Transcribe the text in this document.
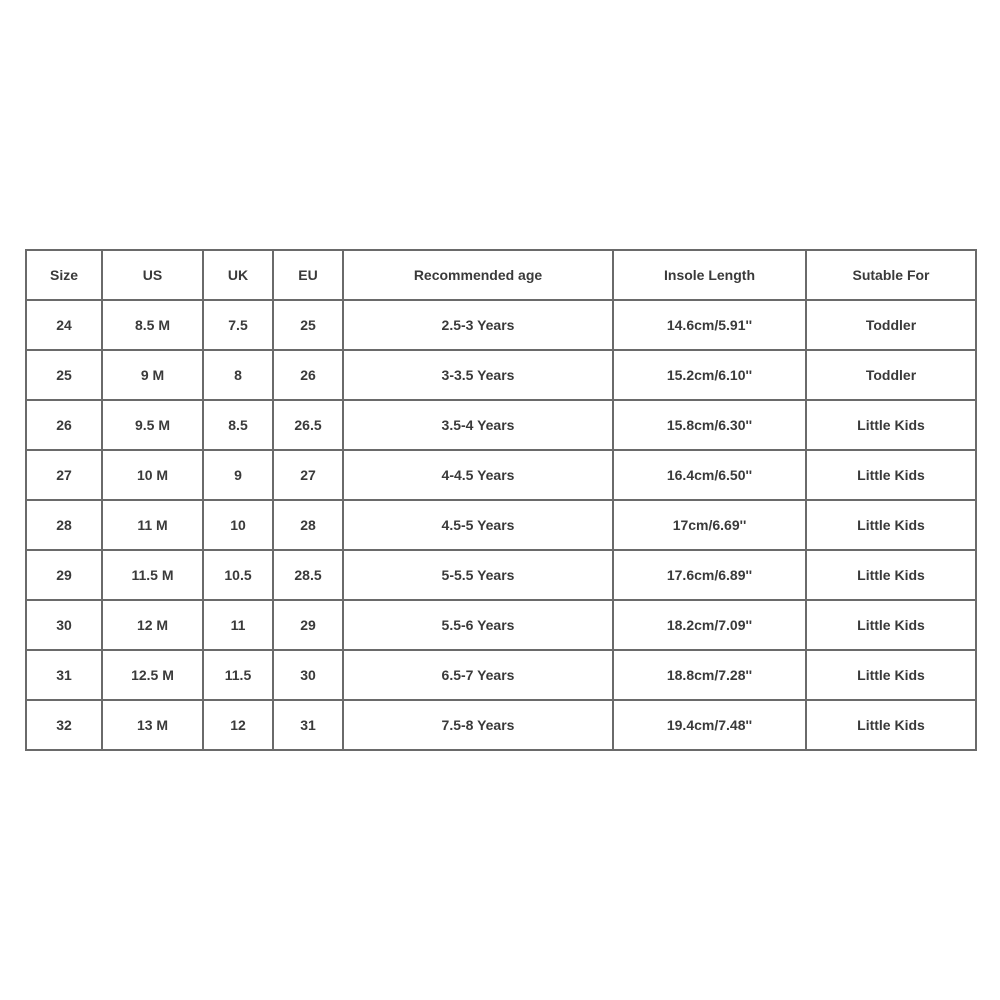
Size	US	UK	EU	Recommended age	Insole Length	Sutable For
24	8.5 M	7.5	25	2.5-3 Years	14.6cm/5.91''	Toddler
25	9 M	8	26	3-3.5 Years	15.2cm/6.10''	Toddler
26	9.5 M	8.5	26.5	3.5-4 Years	15.8cm/6.30''	Little Kids
27	10 M	9	27	4-4.5 Years	16.4cm/6.50''	Little Kids
28	11 M	10	28	4.5-5 Years	17cm/6.69''	Little Kids
29	11.5 M	10.5	28.5	5-5.5 Years	17.6cm/6.89''	Little Kids
30	12 M	11	29	5.5-6 Years	18.2cm/7.09''	Little Kids
31	12.5 M	11.5	30	6.5-7 Years	18.8cm/7.28''	Little Kids
32	13 M	12	31	7.5-8 Years	19.4cm/7.48''	Little Kids
